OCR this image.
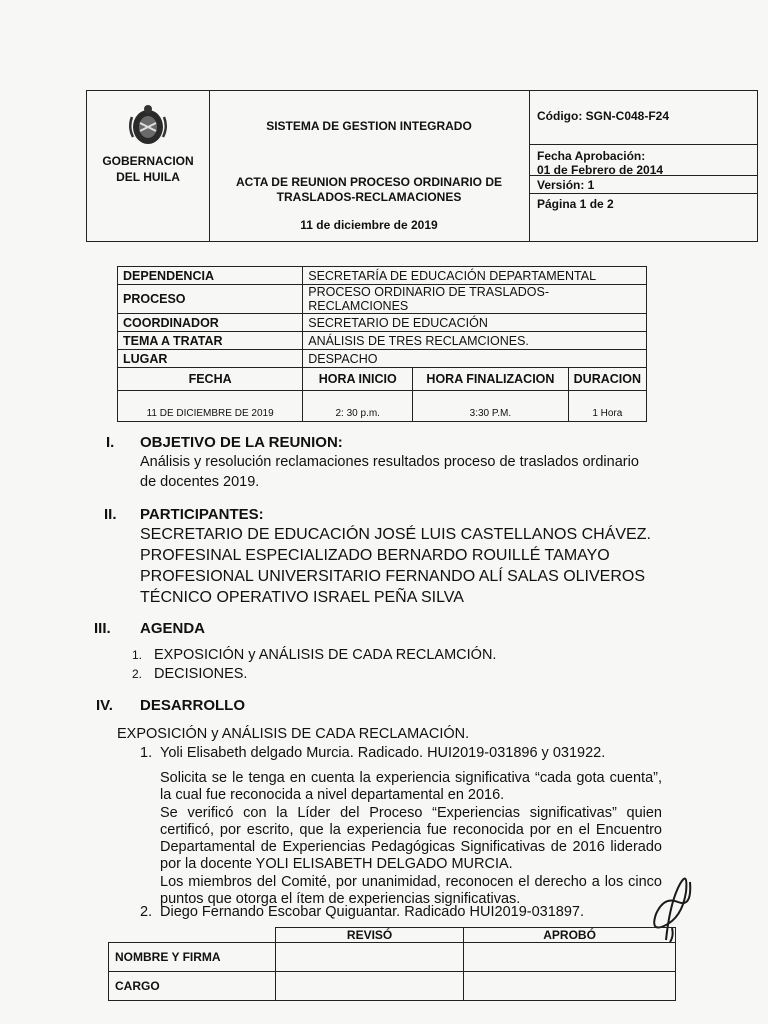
GOBERNACION
DEL HUILA
SISTEMA DE GESTION INTEGRADO
ACTA DE REUNION PROCESO ORDINARIO DE
TRASLADOS-RECLAMACIONES
11 de diciembre de 2019
Código: SGN-C048-F24
Fecha Aprobación:
01 de Febrero de 2014
Versión: 1
Página 1 de 2
DEPENDENCIA	SECRETARÍA DE EDUCACIÓN DEPARTAMENTAL		
PROCESO	PROCESO ORDINARIO DE TRASLADOS-RECLAMCIONES		
COORDINADOR	SECRETARIO DE EDUCACIÓN		
TEMA A TRATAR	ANÁLISIS DE TRES RECLAMCIONES.		
LUGAR	DESPACHO		
FECHA	HORA INICIO	HORA FINALIZACION	DURACION
11 DE DICIEMBRE DE 2019	2: 30 p.m.	3:30 P.M.	1 Hora
I. OBJETIVO DE LA REUNION:
Análisis y resolución reclamaciones resultados proceso de traslados ordinario
de docentes 2019.
II. PARTICIPANTES:
SECRETARIO DE EDUCACIÓN JOSÉ LUIS CASTELLANOS CHÁVEZ.
PROFESINAL ESPECIALIZADO BERNARDO ROUILLÉ TAMAYO
PROFESIONAL UNIVERSITARIO FERNANDO ALÍ SALAS OLIVEROS
TÉCNICO OPERATIVO ISRAEL PEÑA SILVA
III. AGENDA
1. EXPOSICIÓN y ANÁLISIS DE CADA RECLAMCIÓN.
2. DECISIONES.
IV. DESARROLLO
EXPOSICIÓN y ANÁLISIS DE CADA RECLAMACIÓN.
1. Yoli Elisabeth delgado Murcia. Radicado. HUI2019-031896 y 031922.

Solicita se le tenga en cuenta la experiencia significativa “cada gota cuenta”, la cual fue reconocida a nivel departamental en 2016.

Se verificó con la Líder del Proceso “Experiencias significativas” quien certificó, por escrito, que la experiencia fue reconocida por en el Encuentro Departamental de Experiencias Pedagógicas Significativas de 2016 liderado por la docente YOLI ELISABETH DELGADO MURCIA.

Los miembros del Comité, por unanimidad, reconocen el derecho a los cinco puntos que otorga el ítem de experiencias significativas.

2. Diego Fernando Escobar Quiguantar. Radicado HUI2019-031897.
	REVISÓ	APROBÓ
NOMBRE Y FIRMA		
CARGO		
